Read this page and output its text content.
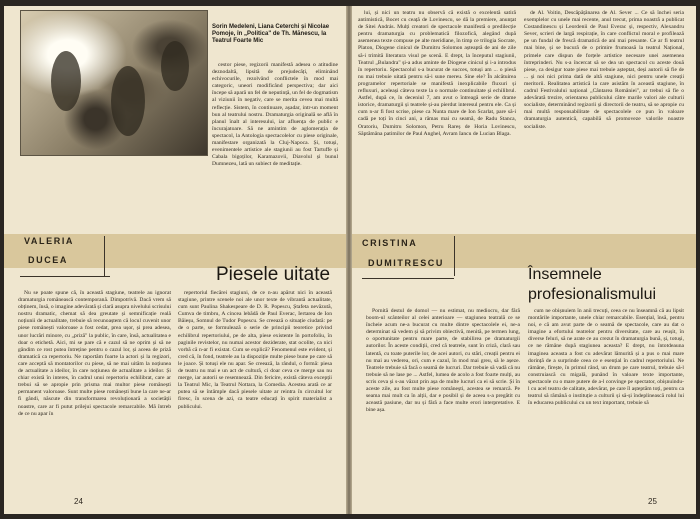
Sorin Medeleni, Liana Ceterchi și Nicolae Pomoje, în „Politica" de Th. Mănescu, la Teatrul Foarte Mic

cestor piese, regizorii manifestă adesea o atitudine deznodaltă, lipsită de prejudecăți, eliminând echivocurile, rezolvând conflictele în mod mai categoric, uneori modificând perspectiva; dar aici începe să apară un fel de neputință, un fel de dogmatism al viziunii în negativ, care se merita cevea mai multă reflecție. Sistem, în continuare, așadar, intr-un moment bun al teatrului nostru. Dramaturgia originală se află în planul înalt al interesului, iar afluența de public e încurajatoare. Să ne amintim de aglomerația de spectacol, la Antologia spectacolelor cu piese originale, manifestare organizată la Cluj-Napoca. Și, totuși, evenimentele artistice ale stagiunii au fost Tartuffe și Cabala bigoților, Karamazovii, Diavolul și bunul Dumnezeu, lată un subiect de meditație.

VALERIA
DUCEA
Piesele uitate

Nu se poate spune că, în această stagiune, teatrele au ignorat dramaturgia românească contemporană. Dimpotrivă. Dacă vrem să obținem, însă, o imagine adevărată și clară asupra nivelului scrisului nostru dramatic, chemat să dea greutate și semnificație reală noțiunii de actualitate, trebuie să recunoaștem că locul cuvenit unor piese românești valoroase a fost cedat, prea ușor, și prea adesea, unor lucrări minore, cu „priză" la public, în care, însă, actualitatea e doar o etichetă. Aici, mi se pare că e cazul să ne oprim și să ne gândim ce rost putea întreține pentru o cazul lor, și aceea de priză dramatică ca repertoriu. Ne raportăm foarte la actori și la regizori, care acceptă să montatorilor cu piese, să ne mai uităm la noțiunea de actualitate a ideilor, în care noțiunea de actualitate a ideilor. Și chiar există în interes, în cadrul unui repertoriu echilibrat, care ar trebui să se apropie prin prisma mai multor piese românești permanent valoroase. Sunt multe piese românești bune la care ne-ar fi gândi, născute din transformarea revoluționară a societății noastre, care ar fi putut prilejui spectacole remarcabile. Mă întreb de ce nu apar în

repertoriul fiecărei stagiuni, de ce n-au apărut nici în această stagiune, printre scenele noi ale unor texte de vibrantă actualitate, cum sunt Paulina Shakespeare de D. R. Popescu, Ștafeta nevăzută, Cumva de timbru, A cincea lebădă de Paul Everac, Iertarea de Ion Băieșu, Somnul de Tudor Popescu. Se creează o situație ciudată: pe de o parte, se formulează o serie de principii teoretice privind echilibrul repertoriului, pe de alta, piese existente în portofoliu, în paginile revistelor, nu numai acestor deziderate, stat ocolite, ca nici vorbă că n-ar fi existat. Cum se explică? Fenomenul este evident, și cred că, în fond, teatrele au la dispoziție multe piese bune pe care să le joace. Și totuși ele nu apar. Se creează, la rândul, o formă: piesa de teatru nu mai e un act de cultură, ci doar ceva ce merge sau nu merge, iar autorii se resemnează. Din fericire, există câteva excepții la Teatrul Mic, la Teatrul Nottara, la Comedia. Acestea arată ce ar putea să se întâmple dacă piesele uitate ar reintra în circuitul lor firesc, în scena de azi, ca teatre educați în spirit materialist a publicului.

24

lui, și nici un teatru nu observă că există o excelentă satiră antimistică, Bocet cu ceață de Lovinescu, se dă la premiere, anunțat de Sitei András. Mulți creatori de spectacole manifestă o predilecție pentru dramaturgia cu problematică filozofică, alegând după asemenea texte compuse pe alte meridiane, în timp ce trilogia Socrate, Platon, Diogene cinicul de Dumitru Solomon așteaptă de ani de zile să-i trimită literatura visul pe scenă. E drept, la începutul stagiunii, Teatrul „Bulandra" și-a adus aminte de Diogene cinicul și i-a introdus în repertoriu. Spectacolul s-a bucurat de succes, totuși am ... o piesă nu mai trebuie uitată pentru să-i sune mereu. Sine ele? În alcătuirea programelor repertoriale se manifestă inexplicabile fluxuri și refluxuri, aceleași câteva texte la o normale continuitate și echilibrul. Astfel, după ce, în deceniul 7, am avut o întreagă serie de drame istorice, dramaturgii și teatrele și-au pierdut interesul pentru ele. Ca și cum n-ar fi fost scrise, piese ca Nunta mare de Ion Scarlat, pare să-i cadă pe toți în cinci ani, a rămas mai cu seamă, de Radu Stanca, Oratoriu, Dumitru Solomon, Petru Rareș de Horia Lovinescu, Săptămâna patimilor de Paul Anghel, Avram Iancu de Lucian Blaga.

de Al. Voitin, Descăpățânarea de Al. Sever ... Ce să închei seria exemplelor cu unele mai recente, anul trecut, prima noastră a publicat Costandinescu și Leordenii de Paul Everac și, respectiv, Alexandru Sever, scrieri de largă respirație, în care conflictul moral e profilează pe un fundal de frescă dramatică de ani mai presante. Ce ar fi teatrul mai bine, și se bucură de o primire frumoasă la teatrul Național, primele care dispun de forțele artistice necesare unei asemenea întreprinderi. Nu s-a încercat să se dea un spectacol cu aceste două piese, ca desigur toate piese mai trebuie așteptat, deși autorii să fie de ... și noi nici prima dată de altă stagiune, nici pentru unele creații meritorii. Realitatea artistică la care asistăm în această stagiune, în cadrul Festivalului național „Cântarea României", ar trebui să fie o adevărată trezire, orientarea publicului către marile valori ale culturii socialiste, determinând regizorii și directorii de teatru, să se apropie cu mai multă responsabilitate de spectacolele ce pun în valoare dramaturgia autentică, capabilă să promoveze valorile noastre socialiste.

CRISTINA
DUMITRESCU
Însemnele
profesionalismului

Pornită destul de domol — nu estimat, nu mediocru, dar fără boom-ul scânteilor al celei anterioare — stagiunea teatrală ce se încheie acum ne-a bucurat cu multe dintre spectacolele ei, ne-a determinat să vedem și să privim obiectivă, menită, pe termen lung, o oportunitate pentru mare parte, de stabilirea pe dramaturgii autorilor. În aceste condiții, cred că teatrele, sunt în criză, clară sau latentă, cu toate puterile lor, de acei autori, cu stări, creații pentru ei nu mai au vederea, ori, cum e cazul, în mod mai greu, să le așeze. Teatrele trebuie să facă o seamă de lucruri. Dar trebuie să vadă că nu trebuie să ne lase pe ... Astfel, lumea de acolo a fost foarte mulți, au scris ceva și s-au văzut prin așa de multe lucruri ca ei să scrie. Și în aceste zile, au fost multe piese românești, acestea se remarcă. Pe seama mai mult ca în alții, dar e posibil și de aceea s-a pregătit cu această pasiune, dar nu și fără a face multe erori interpretative. E bine așa.

cum ne obișnuiem în anii trecuți, ceea ce nu înseamnă că au lipsit montările importante, unele chiar remarcabile. Esențial, însă, pentru noi, e că am avut parte de o seamă de spectacole, care au dat o imagine a efortului teatrelor pentru diversitate, care au reușit, în diverse feluri, să ne arate ce au crezut în dramaturgia bună, și, totuși, ce ne rămâne după stagiunea aceasta? E drept, nu întotdeauna imaginea aceasta a fost cu adevărat lămurită și a pus o mai mare dorință de a surprinde ceea ce e esențial în cadrul repertoriului. Ne rămâne, firește, în primul rând, un drum pe care teatrul, trebuie să-l construiască cu migală, punând în valoare texte importante, spectacole cu o mare putere de a-l convinge pe spectator, obișnuindu-l cu acel teatru de calitate, adevărat, pe care îl așteptăm toți, pentru ca teatrul să rămână o instituție a culturii și să-și îndeplinească rolul lui în educarea publicului cu un text important, trebuie să

25
